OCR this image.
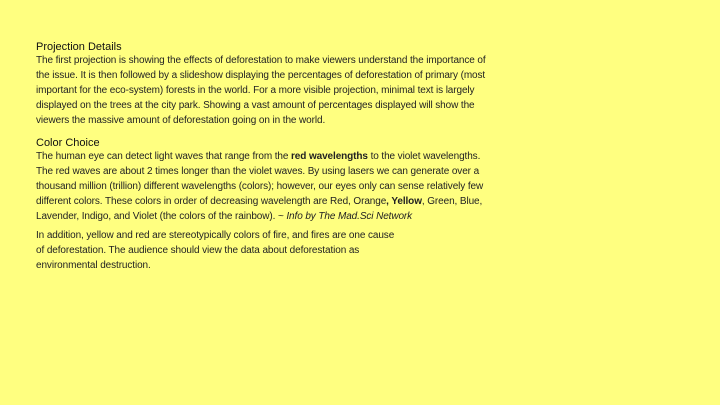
Projection Details
The first projection is showing the effects of deforestation to make viewers understand the importance of
the issue. It is then followed by a slideshow displaying the percentages of deforestation of primary (most
important for the eco-system) forests in the world. For a more visible projection, minimal text is largely
displayed on the trees at the city park. Showing a vast amount of percentages displayed will show the
viewers the massive amount of deforestation going on in the world.
Color Choice
The human eye can detect light waves that range from the red wavelengths to the violet wavelengths.
The red waves are about 2 times longer than the violet waves. By using lasers we can generate over a
thousand million (trillion) different wavelengths (colors); however, our eyes only can sense relatively few
different colors. These colors in order of decreasing wavelength are Red, Orange, Yellow, Green, Blue,
Lavender, Indigo, and Violet (the colors of the rainbow). ~ Info by The Mad.Sci Network
In addition, yellow and red are stereotypically colors of fire, and fires are one cause
of deforestation. The audience should view the data about deforestation as
environmental destruction.
